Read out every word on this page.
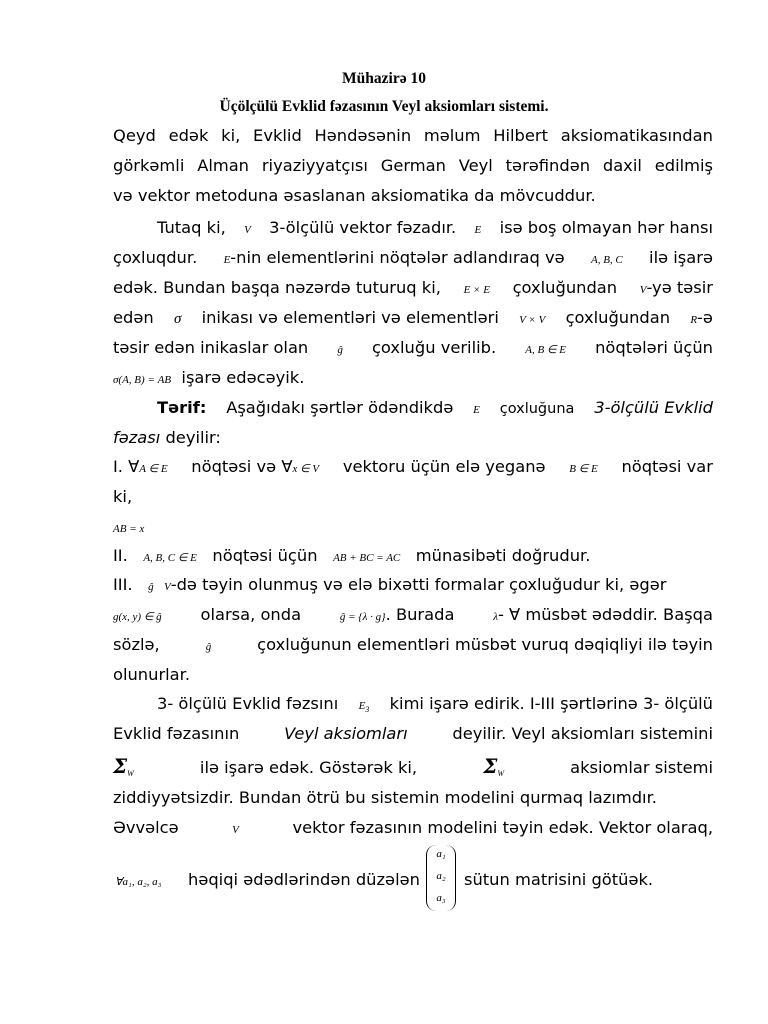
Mühazirə 10
Üçölçülü Evklid fəzasının Veyl aksiomları sistemi.
Qeyd edək ki, Evklid Həndəsənin məlum Hilbert aksiomatikasından
görkəmli Alman riyaziyyatçısı German Veyl tərəfindən daxil edilmiş
və vektor metoduna əsaslanan aksiomatika da mövcuddur.
Tutaq ki, V 3-ölçülü vektor fəzadır. E isə boş olmayan hər hansı
çoxluqdur. E-nin elementlərini nöqtələr adlandıraq və A, B, C ilə işarə
edək. Bundan başqa nəzərdə tuturuq ki, E × E çoxluğundan V-yə təsir
edən σ inikası və elementləri və elementləri V × V çoxluğundan R-ə
təsir edən inikaslar olan	ĝ çoxluğu verilib.	A, B ∈ E nöqtələri üçün
σ(A, B) = AB işarə edəcəyik.
Tərif: Aşağıdakı şərtlər ödəndikdə E çoxluğuna 3-ölçülü Evklid
fəzası deyilir:
I. ∀A ∈ E nöqtəsi və ∀x ∈ V vektoru üçün elə yeganə B ∈ E nöqtəsi var
ki,
AB = x
II. A, B, C ∈ E nöqtəsi üçün AB + BC = AC münasibəti doğrudur.
III. ĝ V-də təyin olunmuş və elə bixətti formalar çoxluğudur ki, əgər
g(x, y) ∈ ĝ olarsa, onda	ĝ = {λ · g}. Burada	λ- ∀ müsbət ədəddir. Başqa
sözlə,	ĝ	çoxluğunun elementləri müsbət vuruq dəqiqliyi ilə təyin
olunurlar.
3- ölçülü Evklid fəzsını $E_3$ kimi işarə edirik. I-III şərtlərinə 3- ölçülü
Evklid fəzasının	Veyl aksiomları	deyilir. Veyl aksiomları sistemini
$\Sigma_W$	ilə işarə edək. Göstərək ki,	$\Sigma_W$	aksiomlar sistemi
ziddiyyətsizdir. Bundan ötrü bu sistemin modelini qurmaq lazımdır.
Əvvəlcə	V	vektor fəzasının modelini təyin edək. Vektor olaraq,
∀a₁, a₂, a₃	həqiqi ədədlərindən düzələn	sütun matrisini götüək.
a₁
a₂
a₃
